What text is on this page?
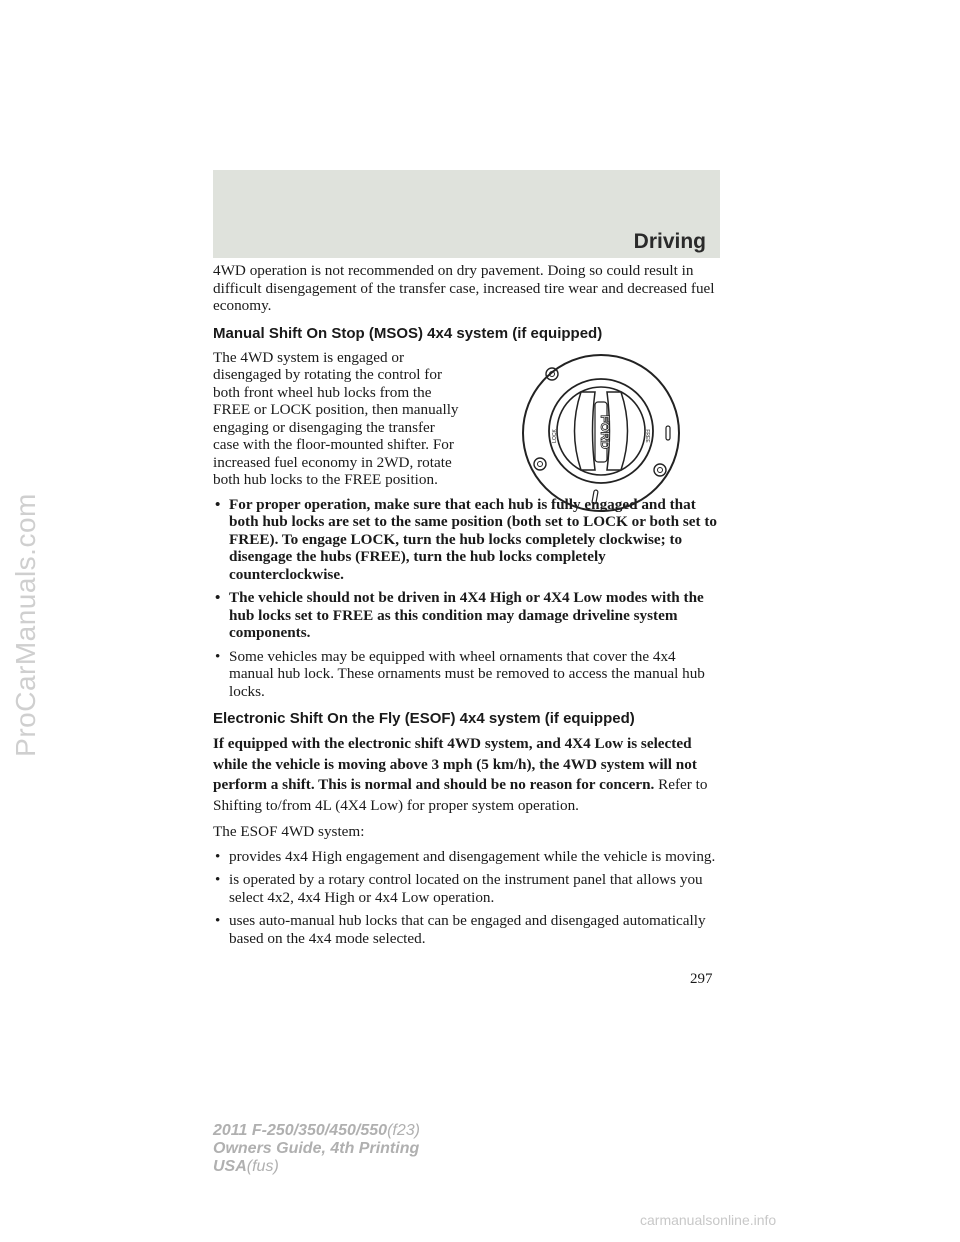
ProCarManuals.com
Driving

4WD operation is not recommended on dry pavement. Doing so could result in difficult disengagement of the transfer case, increased tire wear and decreased fuel economy.

Manual Shift On Stop (MSOS) 4x4 system (if equipped)

The 4WD system is engaged or disengaged by rotating the control for both front wheel hub locks from the FREE or LOCK position, then manually engaging or disengaging the transfer case with the floor-mounted shifter. For increased fuel economy in 2WD, rotate both hub locks to the FREE position.

• For proper operation, make sure that each hub is fully engaged and that both hub locks are set to the same position (both set to LOCK or both set to FREE). To engage LOCK, turn the hub locks completely clockwise; to disengage the hubs (FREE), turn the hub locks completely counterclockwise.
• The vehicle should not be driven in 4X4 High or 4X4 Low modes with the hub locks set to FREE as this condition may damage driveline system components.
• Some vehicles may be equipped with wheel ornaments that cover the 4x4 manual hub lock. These ornaments must be removed to access the manual hub locks.
Electronic Shift On the Fly (ESOF) 4x4 system (if equipped)

If equipped with the electronic shift 4WD system, and 4X4 Low is selected while the vehicle is moving above 3 mph (5 km/h), the 4WD system will not perform a shift. This is normal and should be no reason for concern. Refer to Shifting to/from 4L (4X4 Low) for proper system operation.

The ESOF 4WD system:

• provides 4x4 High engagement and disengagement while the vehicle is moving.
• is operated by a rotary control located on the instrument panel that allows you select 4x2, 4x4 High or 4x4 Low operation.
• uses auto-manual hub locks that can be engaged and disengaged automatically based on the 4x4 mode selected.
FORD
LOCK	FREE
297
2011 F-250/350/450/550(f23)
Owners Guide, 4th Printing
USA(fus)
carmanualsonline.info
